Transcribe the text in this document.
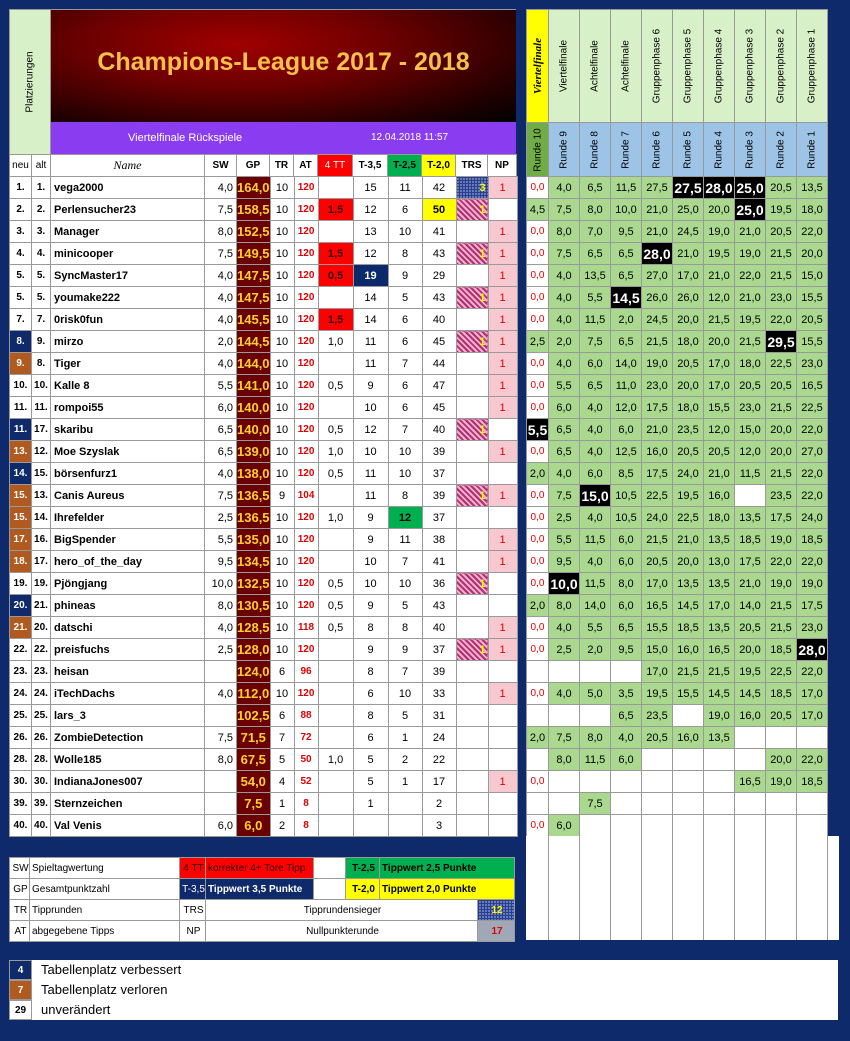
Platzierungen	Champions-League 2017 - 2018
Viertelfinale Rückspiele	12.04.2018 11:57
neu	alt	Name	SW	GP	TR	AT	4 TT	T-3,5	T-2,5	T-2,0	TRS	NP
1.	1.	vega2000	4,0	164,0	10	120		15	11	42	3	1
2.	2.	Perlensucher23	7,5	158,5	10	120	1,5	12	6	50	1	
3.	3.	Manager	8,0	152,5	10	120		13	10	41		1
4.	4.	minicooper	7,5	149,5	10	120	1,5	12	8	43	1	1
5.	5.	SyncMaster17	4,0	147,5	10	120	0,5	19	9	29		1
5.	5.	youmake222	4,0	147,5	10	120		14	5	43	1	1
7.	7.	0risk0fun	4,0	145,5	10	120	1,5	14	6	40		1
8.	9.	mirzo	2,0	144,5	10	120	1,0	11	6	45	1	1
9.	8.	Tiger	4,0	144,0	10	120		11	7	44		1
10.	10.	Kalle 8	5,5	141,0	10	120	0,5	9	6	47		1
11.	11.	rompoi55	6,0	140,0	10	120		10	6	45		1
11.	17.	skaribu	6,5	140,0	10	120	0,5	12	7	40	1	
13.	12.	Moe Szyslak	6,5	139,0	10	120	1,0	10	10	39		1
14.	15.	börsenfurz1	4,0	138,0	10	120	0,5	11	10	37		
15.	13.	Canis Aureus	7,5	136,5	9	104		11	8	39	1	1
15.	14.	Ihrefelder	2,5	136,5	10	120	1,0	9	12	37		
17.	16.	BigSpender	5,5	135,0	10	120		9	11	38		1
18.	17.	hero_of_the_day	9,5	134,5	10	120		10	7	41		1
19.	19.	Pjöngjang	10,0	132,5	10	120	0,5	10	10	36	1	
20.	21.	phineas	8,0	130,5	10	120	0,5	9	5	43		
21.	20.	datschi	4,0	128,5	10	118	0,5	8	8	40		1
22.	22.	preisfuchs	2,5	128,0	10	120		9	9	37	1	1
23.	23.	heisan		124,0	6	96		8	7	39		
24.	24.	iTechDachs	4,0	112,0	10	120		6	10	33		1
25.	25.	lars_3		102,5	6	88		8	5	31		
26.	26.	ZombieDetection	7,5	71,5	7	72		6	1	24		
28.	28.	Wolle185	8,0	67,5	5	50	1,0	5	2	22		
30.	30.	IndianaJones007		54,0	4	52		5	1	17		1
39.	39.	Sternzeichen		7,5	1	8		1		2		
40.	40.	Val Venis	6,0	6,0	2	8				3		
Viertelfinale	Viertelfinale	Achtelfinale	Achtelfinale	Gruppenphase 6	Gruppenphase 5	Gruppenphase 4	Gruppenphase 3	Gruppenphase 2	Gruppenphase 1
Runde 10	Runde 9	Runde 8	Runde 7	Runde 6	Runde 5	Runde 4	Runde 3	Runde 2	Runde 1
0,0	4,0	6,5	11,5	27,5	27,5	28,0	25,0	20,5	13,5
4,5	7,5	8,0	10,0	21,0	25,0	20,0	25,0	19,5	18,0
0,0	8,0	7,0	9,5	21,0	24,5	19,0	21,0	20,5	22,0
0,0	7,5	6,5	6,5	28,0	21,0	19,5	19,0	21,5	20,0
0,0	4,0	13,5	6,5	27,0	17,0	21,0	22,0	21,5	15,0
0,0	4,0	5,5	14,5	26,0	26,0	12,0	21,0	23,0	15,5
0,0	4,0	11,5	2,0	24,5	20,0	21,5	19,5	22,0	20,5
2,5	2,0	7,5	6,5	21,5	18,0	20,0	21,5	29,5	15,5
0,0	4,0	6,0	14,0	19,0	20,5	17,0	18,0	22,5	23,0
0,0	5,5	6,5	11,0	23,0	20,0	17,0	20,5	20,5	16,5
0,0	6,0	4,0	12,0	17,5	18,0	15,5	23,0	21,5	22,5
5,5	6,5	4,0	6,0	21,0	23,5	12,0	15,0	20,0	22,0
0,0	6,5	4,0	12,5	16,0	20,5	20,5	12,0	20,0	27,0
2,0	4,0	6,0	8,5	17,5	24,0	21,0	11,5	21,5	22,0
0,0	7,5	15,0	10,5	22,5	19,5	16,0		23,5	22,0
0,0	2,5	4,0	10,5	24,0	22,5	18,0	13,5	17,5	24,0
0,0	5,5	11,5	6,0	21,5	21,0	13,5	18,5	19,0	18,5
0,0	9,5	4,0	6,0	20,5	20,0	13,0	17,5	22,0	22,0
0,0	10,0	11,5	8,0	17,0	13,5	13,5	21,0	19,0	19,0
2,0	8,0	14,0	6,0	16,5	14,5	17,0	14,0	21,5	17,5
0,0	4,0	5,5	6,5	15,5	18,5	13,5	20,5	21,5	23,0
0,0	2,5	2,0	9,5	15,0	16,0	16,5	20,0	18,5	28,0
				17,0	21,5	21,5	19,5	22,5	22,0
0,0	4,0	5,0	3,5	19,5	15,5	14,5	14,5	18,5	17,0
			6,5	23,5		19,0	16,0	20,5	17,0
2,0	7,5	8,0	4,0	20,5	16,0	13,5			
	8,0	11,5	6,0					20,0	22,0
0,0							16,5	19,0	18,5
		7,5							
0,0	6,0								
SW	Spieltagwertung	4 TT	korrekter 4+ Tore Tipp		T-2,5	Tippwert 2,5 Punkte	
GP	Gesamtpunktzahl	T-3,5	Tippwert 3,5 Punkte		T-2,0	Tippwert 2,0 Punkte	
TR	Tipprunden	TRS	Tipprundensieger				12
AT	abgegebene Tipps	NP	Nullpunkterunde				17
4	Tabellenplatz verbessert
7	Tabellenplatz verloren
29	unverändert
